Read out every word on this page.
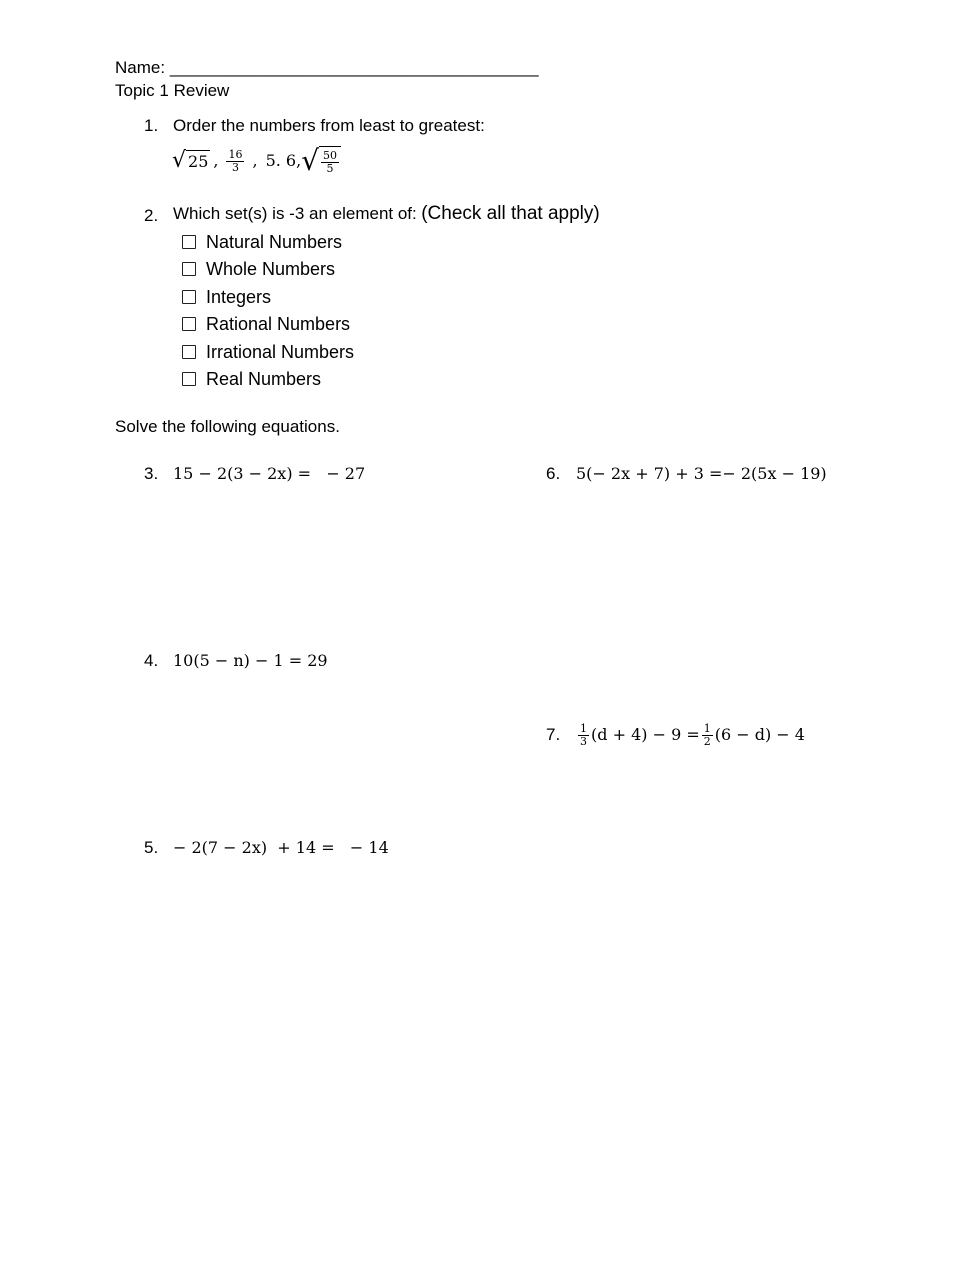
Name: _______________________________________
Topic 1 Review
1. Order the numbers from least to greatest:
√ 25 , $\frac{16}{3}$ , 5. 6, √ $\frac{50}{5}$
2. Which set(s) is -3 an element of: (Check all that apply)
Natural Numbers
Whole Numbers
Integers
Rational Numbers
Irrational Numbers
Real Numbers
Solve the following equations.
3. 15 − 2(3 − 2x) =   − 27	6. 5(− 2x + 7) + 3 =− 2(5x − 19)
4. 10(5 − n) − 1 = 29
7. $\frac{1}{3} (d + 4) - 9 = \frac{1}{2} (6 - d) - 4$
5. − 2(7 − 2x)  + 14 =   − 14
